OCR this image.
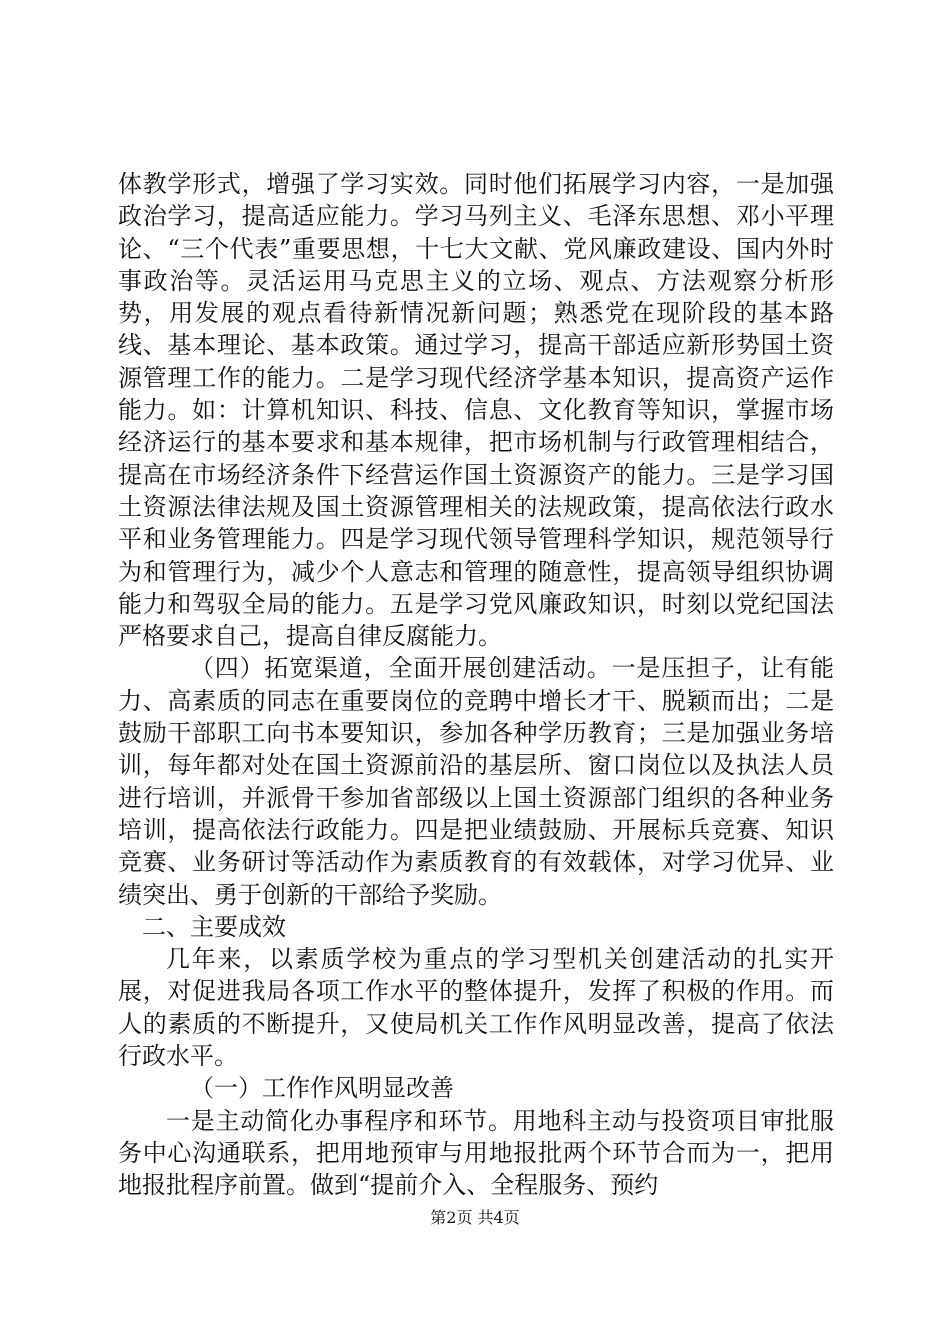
体教学形式，增强了学习实效。同时他们拓展学习内容，一是加强政治学习，提高适应能力。学习马列主义、毛泽东思想、邓小平理论、“三个代表”重要思想，十七大文献、党风廉政建设、国内外时事政治等。灵活运用马克思主义的立场、观点、方法观察分析形势，用发展的观点看待新情况新问题；熟悉党在现阶段的基本路线、基本理论、基本政策。通过学习，提高干部适应新形势国土资源管理工作的能力。二是学习现代经济学基本知识，提高资产运作能力。如：计算机知识、科技、信息、文化教育等知识，掌握市场经济运行的基本要求和基本规律，把市场机制与行政管理相结合，提高在市场经济条件下经营运作国土资源资产的能力。三是学习国土资源法律法规及国土资源管理相关的法规政策，提高依法行政水平和业务管理能力。四是学习现代领导管理科学知识，规范领导行为和管理行为，减少个人意志和管理的随意性，提高领导组织协调能力和驾驭全局的能力。五是学习党风廉政知识，时刻以党纪国法严格要求自己，提高自律反腐能力。

（四）拓宽渠道，全面开展创建活动。一是压担子，让有能力、高素质的同志在重要岗位的竞聘中增长才干、脱颖而出；二是鼓励干部职工向书本要知识，参加各种学历教育；三是加强业务培训，每年都对处在国土资源前沿的基层所、窗口岗位以及执法人员进行培训，并派骨干参加省部级以上国土资源部门组织的各种业务培训，提高依法行政能力。四是把业绩鼓励、开展标兵竞赛、知识竞赛、业务研讨等活动作为素质教育的有效载体，对学习优异、业绩突出、勇于创新的干部给予奖励。

二、主要成效

几年来，以素质学校为重点的学习型机关创建活动的扎实开展，对促进我局各项工作水平的整体提升，发挥了积极的作用。而人的素质的不断提升，又使局机关工作作风明显改善，提高了依法行政水平。

（一）工作作风明显改善

一是主动简化办事程序和环节。用地科主动与投资项目审批服务中心沟通联系，把用地预审与用地报批两个环节合而为一，把用地报批程序前置。做到“提前介入、全程服务、预约

第2页 共4页
